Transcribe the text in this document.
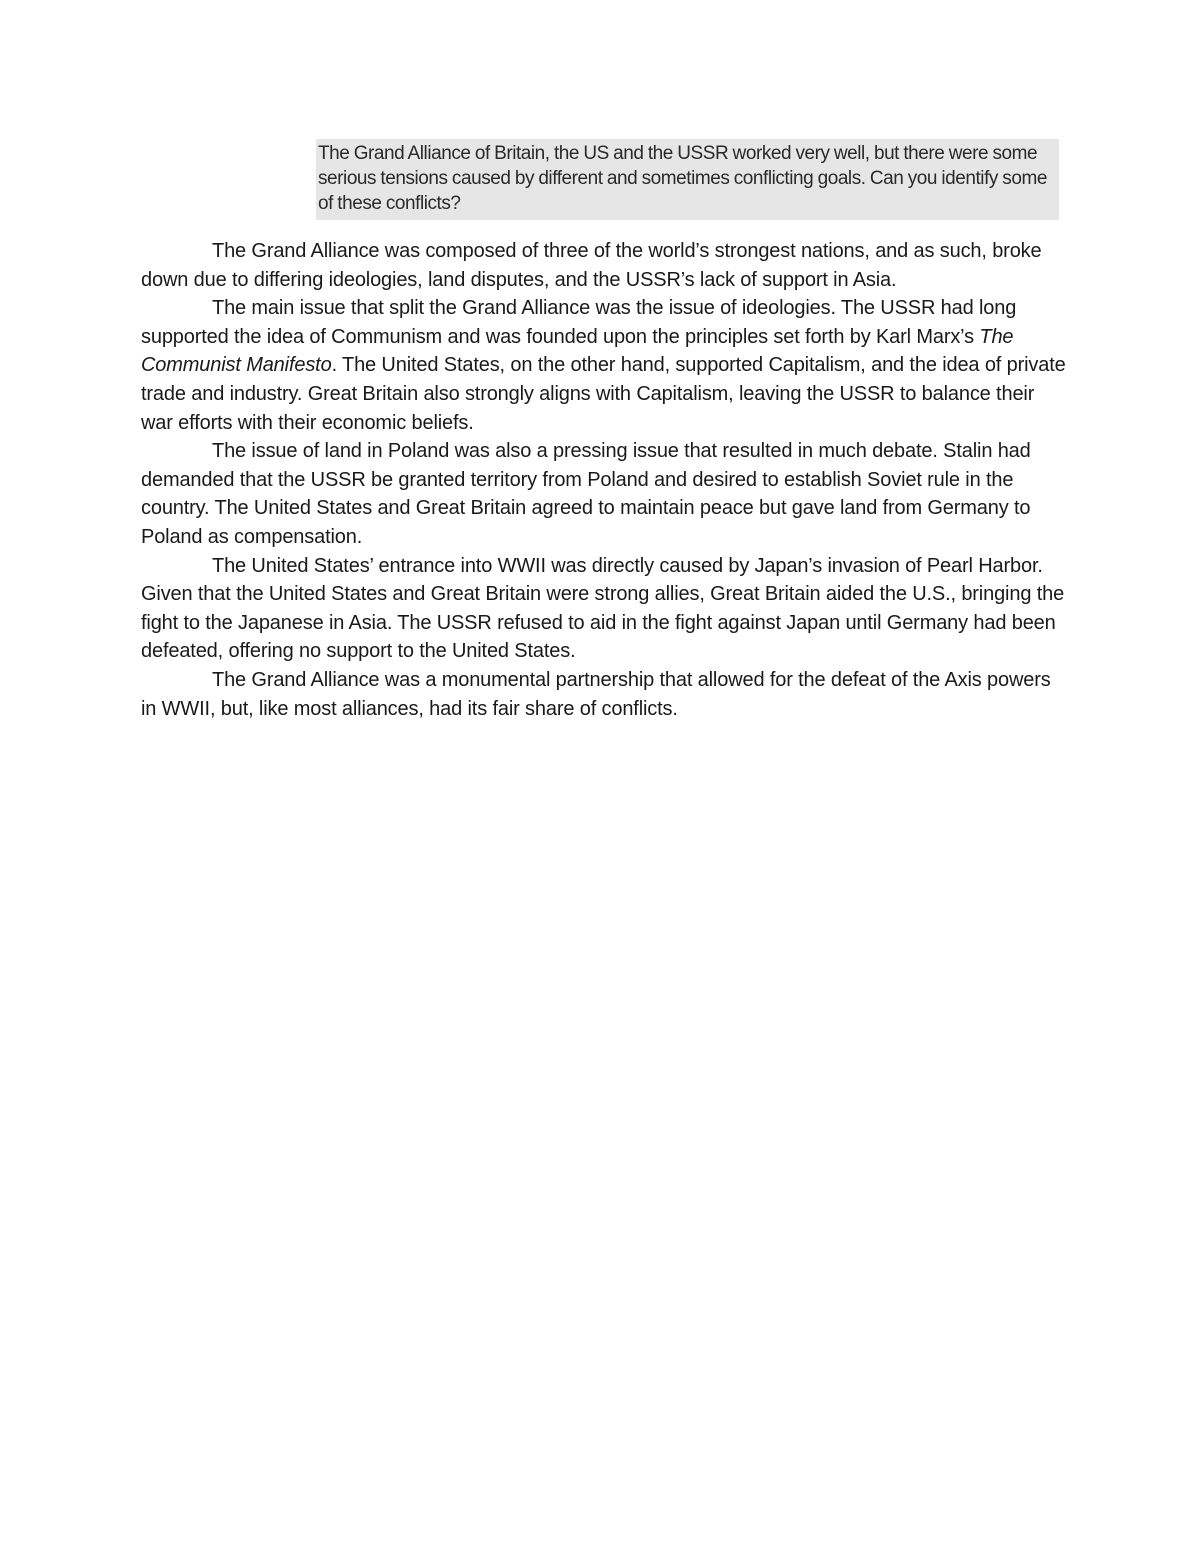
The Grand Alliance of Britain, the US and the USSR worked very well, but there were some serious tensions caused by different and sometimes conflicting goals. Can you identify some of these conflicts?

The Grand Alliance was composed of three of the world’s strongest nations, and as such, broke down due to differing ideologies, land disputes, and the USSR’s lack of support in Asia.

The main issue that split the Grand Alliance was the issue of ideologies. The USSR had long supported the idea of Communism and was founded upon the principles set forth by Karl Marx’s The Communist Manifesto. The United States, on the other hand, supported Capitalism, and the idea of private trade and industry. Great Britain also strongly aligns with Capitalism, leaving the USSR to balance their war efforts with their economic beliefs.

The issue of land in Poland was also a pressing issue that resulted in much debate. Stalin had demanded that the USSR be granted territory from Poland and desired to establish Soviet rule in the country. The United States and Great Britain agreed to maintain peace but gave land from Germany to Poland as compensation.

The United States’ entrance into WWII was directly caused by Japan’s invasion of Pearl Harbor. Given that the United States and Great Britain were strong allies, Great Britain aided the U.S., bringing the fight to the Japanese in Asia. The USSR refused to aid in the fight against Japan until Germany had been defeated, offering no support to the United States.

The Grand Alliance was a monumental partnership that allowed for the defeat of the Axis powers in WWII, but, like most alliances, had its fair share of conflicts.
